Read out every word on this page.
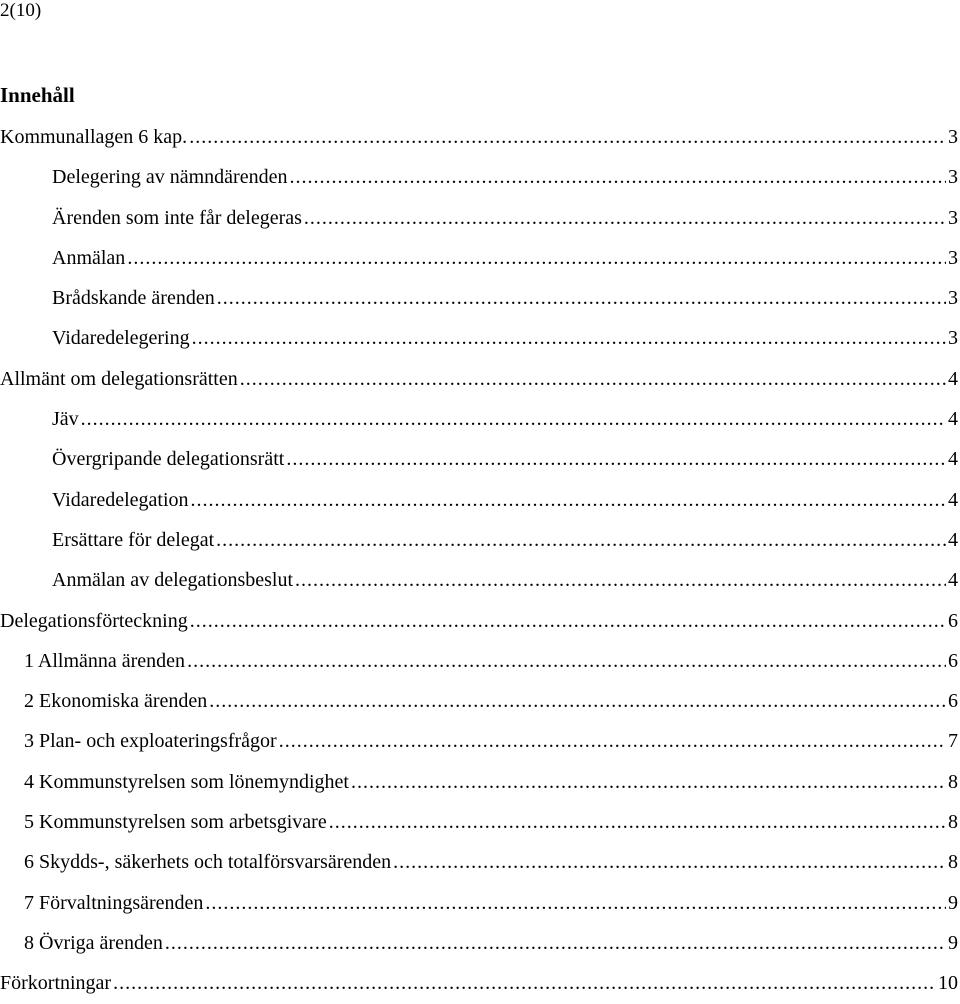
2(10)
Innehåll
Kommunallagen 6 kap. .....	3
Delegering av nämndärenden .....	3
Ärenden som inte får delegeras .....	3
Anmälan .....	3
Brådskande ärenden .....	3
Vidaredelegering .....	3
Allmänt om delegationsrätten .....	4
Jäv .....	4
Övergripande delegationsrätt .....	4
Vidaredelegation .....	4
Ersättare för delegat .....	4
Anmälan av delegationsbeslut .....	4
Delegationsförteckning .....	6
1 Allmänna ärenden .....	6
2 Ekonomiska ärenden .....	6
3 Plan- och exploateringsfrågor .....	7
4 Kommunstyrelsen som lönemyndighet .....	8
5 Kommunstyrelsen som arbetsgivare .....	8
6 Skydds-, säkerhets och totalförsvarsärenden .....	8
7 Förvaltningsärenden .....	9
8 Övriga ärenden .....	9
Förkortningar .....	10
